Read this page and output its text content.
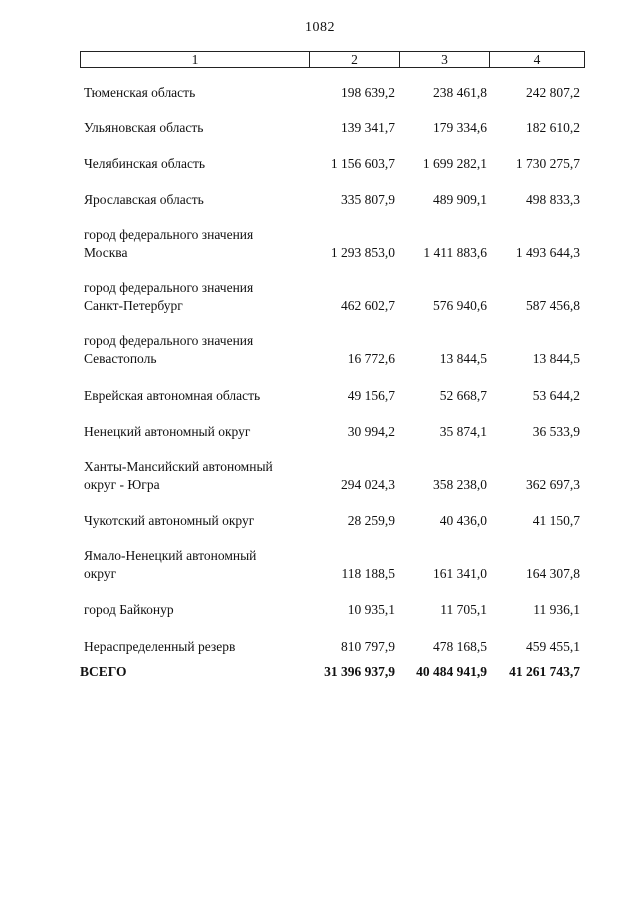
1082
1	2	3	4
Тюменская область	198 639,2	238 461,8	242 807,2
Ульяновская область	139 341,7	179 334,6	182 610,2
Челябинская область	1 156 603,7	1 699 282,1	1 730 275,7
Ярославская область	335 807,9	489 909,1	498 833,3
город федерального значения
Москва	1 293 853,0	1 411 883,6	1 493 644,3
город федерального значения
Санкт-Петербург	462 602,7	576 940,6	587 456,8
город федерального значения
Севастополь	16 772,6	13 844,5	13 844,5
Еврейская автономная область	49 156,7	52 668,7	53 644,2
Ненецкий автономный округ	30 994,2	35 874,1	36 533,9
Ханты-Мансийский автономный
округ - Югра	294 024,3	358 238,0	362 697,3
Чукотский автономный округ	28 259,9	40 436,0	41 150,7
Ямало-Ненецкий автономный
округ	118 188,5	161 341,0	164 307,8
город Байконур	10 935,1	11 705,1	11 936,1
Нераспределенный резерв	810 797,9	478 168,5	459 455,1
ВСЕГО	31 396 937,9	40 484 941,9	41 261 743,7
